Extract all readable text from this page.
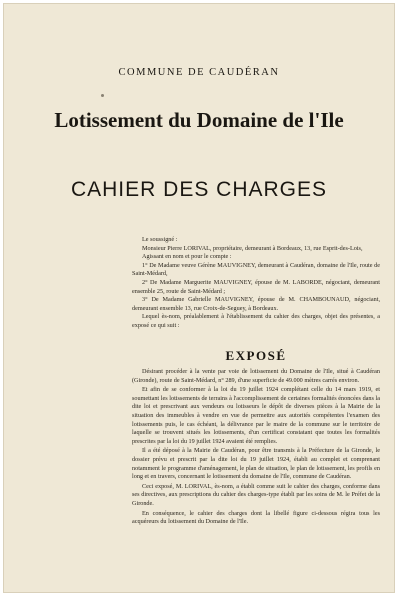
COMMUNE DE CAUDÉRAN
Lotissement du Domaine de l'Ile
CAHIER DES CHARGES

Le soussigné :

Monsieur Pierre LORIVAL, propriétaire, demeurant à Bordeaux, 13, rue Esprit-des-Lois,

Agissant en nom et pour le compte :

1° De Madame veuve Gérène MAUVIGNEY, demeurant à Caudéran, domaine de l'Ile, route de Saint-Médard,

2° De Madame Marguerite MAUVIGNEY, épouse de M. LABORDE, négociant, demeurant ensemble 25, route de Saint-Médard ;

3° De Madame Gabrielle MAUVIGNEY, épouse de M. CHAMBOUNAUD, négociant, demeurant ensemble 13, rue Croix-de-Seguey, à Bordeaux.

Lequel ès-nom, préalablement à l'établissement du cahier des charges, objet des présentes, a exposé ce qui suit :

EXPOSÉ

Désirant procéder à la vente par voie de lotissement du Domaine de l'Ile, situé à Caudéran (Gironde), route de Saint-Médard, n° 289, d'une superficie de 49.000 mètres carrés environ.

Et afin de se conformer à la loi du 19 juillet 1924 complétant celle du 14 mars 1919, et soumettant les lotissements de terrains à l'accomplissement de certaines formalités énoncées dans la dite loi et prescrivant aux vendeurs ou lotisseurs le dépôt de diverses pièces à la Mairie de la situation des immeubles à vendre en vue de permettre aux autorités compétentes l'examen des lotissements puis, le cas échéant, la délivrance par le maire de la commune sur le territoire de laquelle se trouvent situés les lotissements, d'un certificat constatant que toutes les formalités prescrites par la loi du 19 juillet 1924 avaient été remplies.

Il a été déposé à la Mairie de Caudéran, pour être transmis à la Préfecture de la Gironde, le dossier prévu et prescrit par la dite loi du 19 juillet 1924, établi au complet et comprenant notamment le programme d'aménagement, le plan de situation, le plan de lotissement, les profils en long et en travers, concernant le lotissement du domaine de l'Ile, commune de Caudéran.

Ceci exposé, M. LORIVAL, ès-nom, a établi comme suit le cahier des charges, conforme dans ses directives, aux prescriptions du cahier des charges-type établi par les soins de M. le Préfet de la Gironde.

En conséquence, le cahier des charges dont la libellé figure ci-dessous régira tous les acquéreurs du lotissement du Domaine de l'Ile.
